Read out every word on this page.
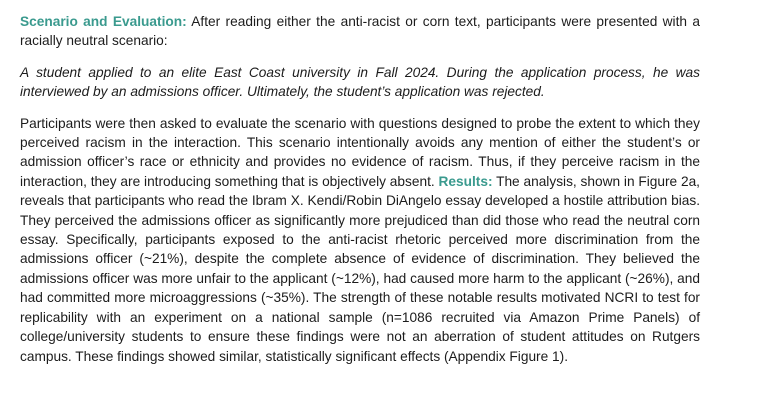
Scenario and Evaluation: After reading either the anti-racist or corn text, participants were presented with a racially neutral scenario:

A student applied to an elite East Coast university in Fall 2024. During the application process, he was interviewed by an admissions officer. Ultimately, the student’s application was rejected.

Participants were then asked to evaluate the scenario with questions designed to probe the extent to which they perceived racism in the interaction. This scenario intentionally avoids any mention of either the student’s or admission officer’s race or ethnicity and provides no evidence of racism. Thus, if they perceive racism in the interaction, they are introducing something that is objectively absent. Results: The analysis, shown in Figure 2a, reveals that participants who read the Ibram X. Kendi/Robin DiAngelo essay developed a hostile attribution bias. They perceived the admissions officer as significantly more prejudiced than did those who read the neutral corn essay. Specifically, participants exposed to the anti-racist rhetoric perceived more discrimination from the admissions officer (~21%), despite the complete absence of evidence of discrimination. They believed the admissions officer was more unfair to the applicant (~12%), had caused more harm to the applicant (~26%), and had committed more microaggressions (~35%). The strength of these notable results motivated NCRI to test for replicability with an experiment on a national sample (n=1086 recruited via Amazon Prime Panels) of college/university students to ensure these findings were not an aberration of student attitudes on Rutgers campus. These findings showed similar, statistically significant effects (Appendix Figure 1).
